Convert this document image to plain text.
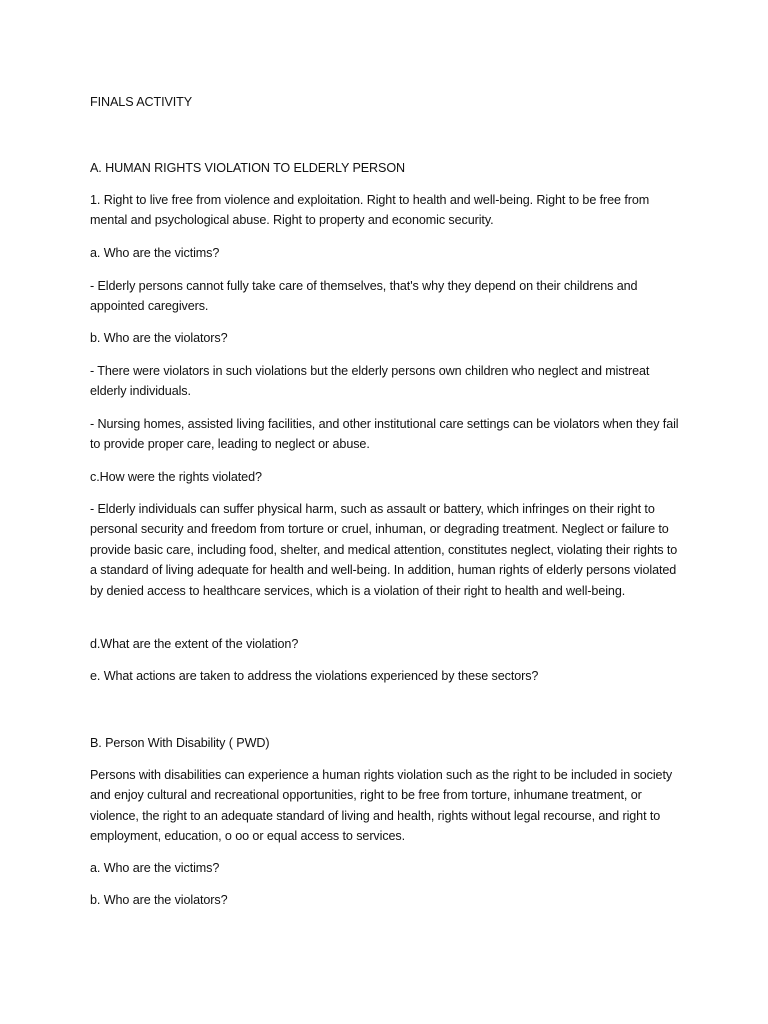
FINALS ACTIVITY

A. HUMAN RIGHTS VIOLATION TO ELDERLY PERSON

1. Right to live free from violence and exploitation. Right to health and well-being. Right to be free from mental and psychological abuse. Right to property and economic security.

a. Who are the victims?

- Elderly persons cannot fully take care of themselves, that's why they depend on their childrens and appointed caregivers.

b. Who are the violators?

- There were violators in such violations but the elderly persons own children who neglect and mistreat elderly individuals.

- Nursing homes, assisted living facilities, and other institutional care settings can be violators when they fail to provide proper care, leading to neglect or abuse.

c.How were the rights violated?

- Elderly individuals can suffer physical harm, such as assault or battery, which infringes on their right to personal security and freedom from torture or cruel, inhuman, or degrading treatment. Neglect or failure to provide basic care, including food, shelter, and medical attention, constitutes neglect, violating their rights to a standard of living adequate for health and well-being. In addition, human rights of elderly persons violated by denied access to healthcare services, which is a violation of their right to health and well-being.

d.What are the extent of the violation?

e. What actions are taken to address the violations experienced by these sectors?

B. Person With Disability ( PWD)

Persons with disabilities can experience a human rights violation such as the right to be included in society and enjoy cultural and recreational opportunities, right to be free from torture, inhumane treatment, or violence, the right to an adequate standard of living and health, rights without legal recourse, and right to employment, education, o oo or equal access to services.

a. Who are the victims?

b. Who are the violators?
